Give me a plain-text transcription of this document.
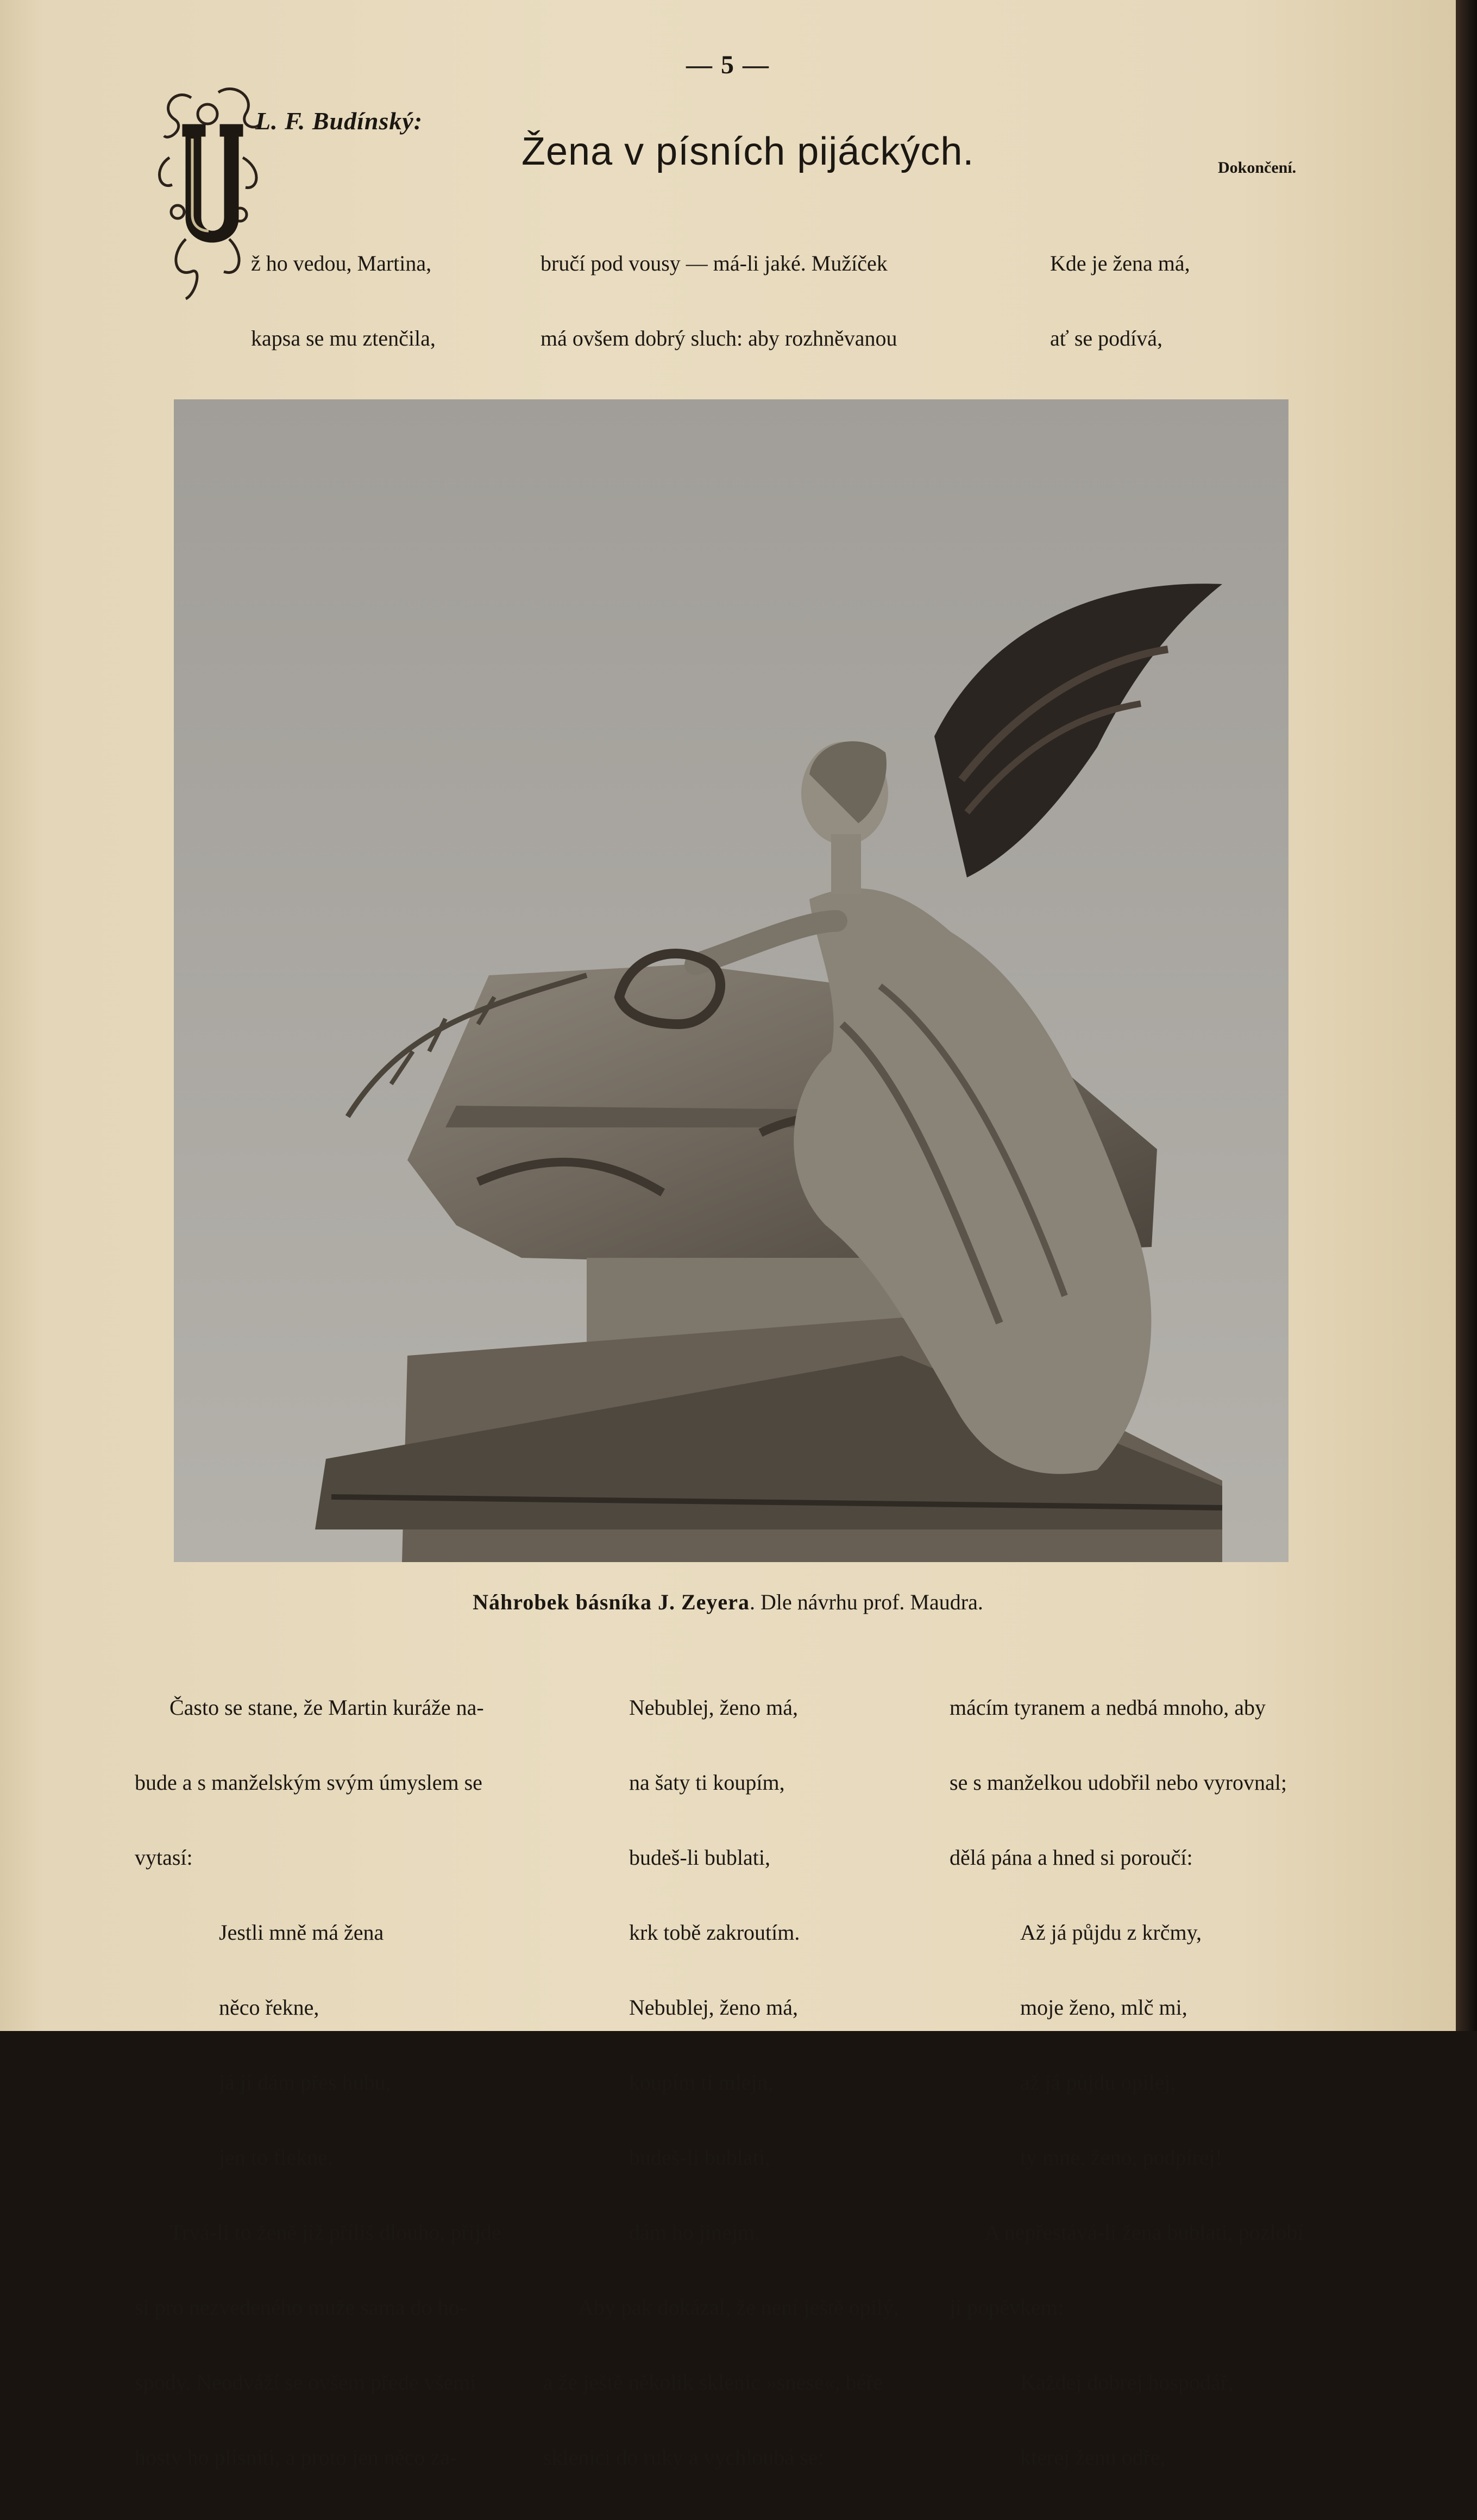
— 5 —
L. F. Budínský:
Žena v písních pijáckých.	Dokončení.

ž ho vedou, Martina,

kapsa se mu ztenčila,

bručí pod vousy — má-li jaké. Mužíček

má ovšem dobrý sluch: aby rozhněvanou

Kde je žena má,

ať se podívá,

Náhrobek básníka J. Zeyera. Dle návrhu prof. Maudra.

Často se stane, že Martin kuráže na-

bude a s manželským svým úmyslem se

vytasí:

Jestli mně má žena

něco řekne,

já jí dám přes hubu,

jen to flekne.

Trvá-li to ženě již příliš dlouho, přijde

si pro nezvedeného muže sama do ho-

spody. Neodváží se ovšem přede všemi

hosty ho plísniti, a proto jen něco za-

Nebublej, ženo má,

na šaty ti koupím,

budeš-li bublati,

krk tobě zakroutím.

Nebublej, ženo má,

koupím ti mlejn,

budeš-li bublati,

dám ho jinejm.

Aby pak dokázal, že není ještě opilý,

a že ještě několik sklenic »snese«, béře

sklenici do ruky a vychloubá se:

mácím tyranem a nedbá mnoho, aby

se s manželkou udobřil nebo vyrovnal;

dělá pána a hned si poroučí:

Až já půjdu z krčmy,

moje ženo, mlč mi,

až já půjdu opilej,

ty mne, ženo, podpírej!

A nepřestává-li žena bublati, pozlobí

ji popěvkem:

Každej dobrej hospodář,

kterej ženu odře,
